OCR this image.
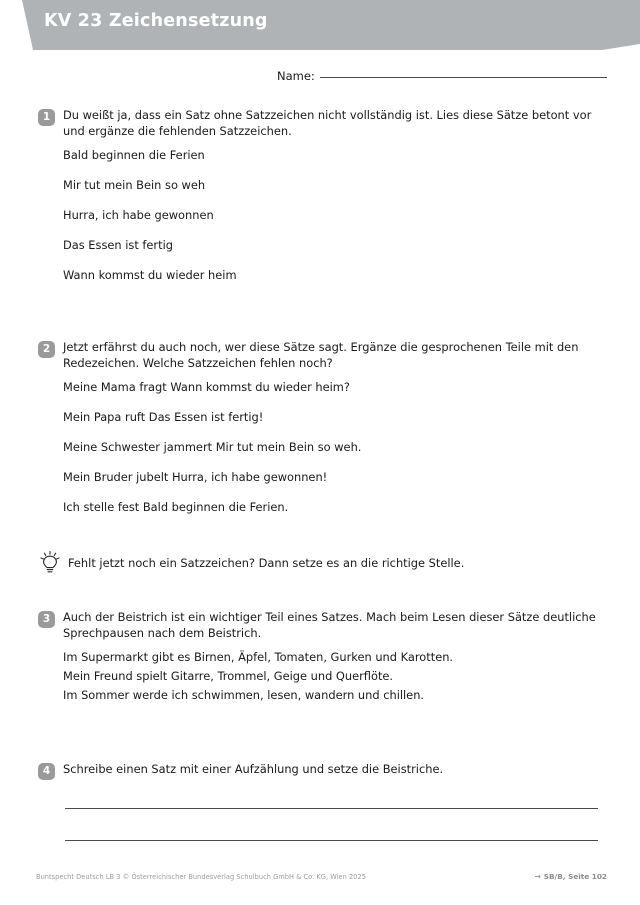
KV 23 Zeichensetzung
Name:
1	Du weißt ja, dass ein Satz ohne Satzzeichen nicht vollständig ist. Lies diese Sätze betont vor und ergänze die fehlenden Satzzeichen.
Bald beginnen die Ferien
Mir tut mein Bein so weh
Hurra, ich habe gewonnen
Das Essen ist fertig
Wann kommst du wieder heim
2	Jetzt erfährst du auch noch, wer diese Sätze sagt. Ergänze die gesprochenen Teile mit den Redezeichen. Welche Satzzeichen fehlen noch?
Meine Mama fragt Wann kommst du wieder heim?
Mein Papa ruft Das Essen ist fertig!
Meine Schwester jammert Mir tut mein Bein so weh.
Mein Bruder jubelt Hurra, ich habe gewonnen!
Ich stelle fest Bald beginnen die Ferien.
Fehlt jetzt noch ein Satzzeichen? Dann setze es an die richtige Stelle.
3	Auch der Beistrich ist ein wichtiger Teil eines Satzes. Mach beim Lesen dieser Sätze deutliche Sprechpausen nach dem Beistrich.
Im Supermarkt gibt es Birnen, Äpfel, Tomaten, Gurken und Karotten.
Mein Freund spielt Gitarre, Trommel, Geige und Querflöte.
Im Sommer werde ich schwimmen, lesen, wandern und chillen.
4	Schreibe einen Satz mit einer Aufzählung und setze die Beistriche.
Buntspecht Deutsch LB 3 © Österreichischer Bundesverlag Schulbuch GmbH & Co. KG, Wien 2025	→ SB/B, Seite 102
